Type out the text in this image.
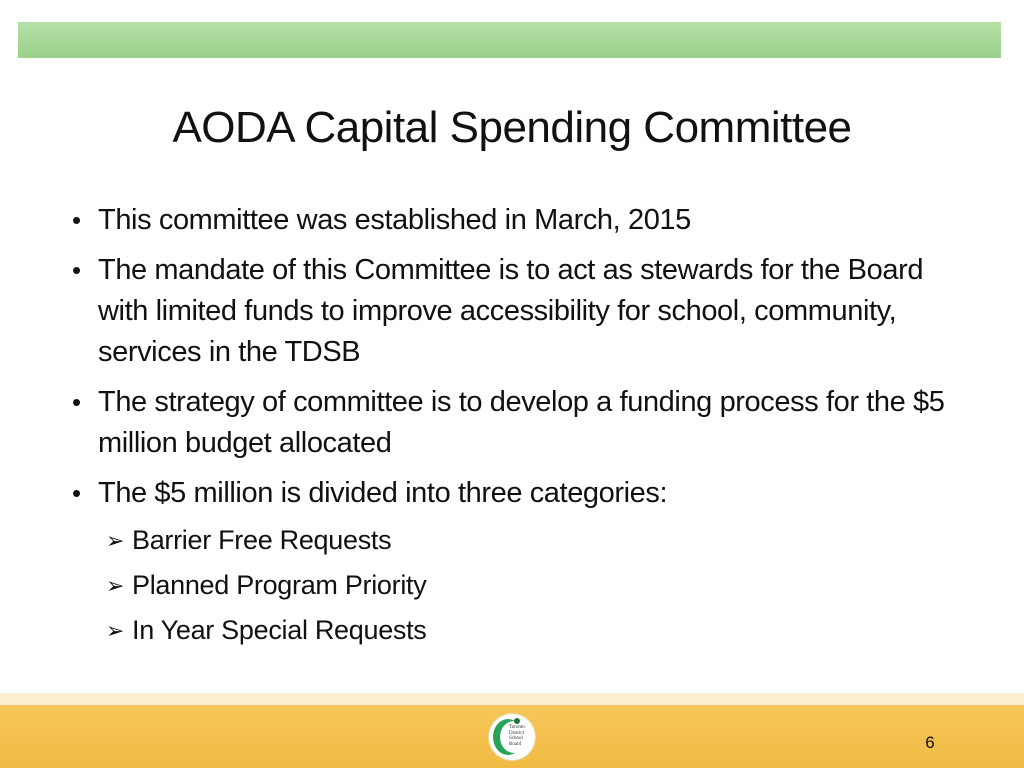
AODA Capital Spending Committee
• This committee was established in March, 2015
• The mandate of this Committee is to act as stewards for the Board with limited funds to improve accessibility for school, community, services in the TDSB
• The strategy of committee is to develop a funding process for the $5 million budget allocated
• The $5 million is divided into three categories:
➢ Barrier Free Requests
➢ Planned Program Priority
➢ In Year Special Requests
Toronto District School Board	6
